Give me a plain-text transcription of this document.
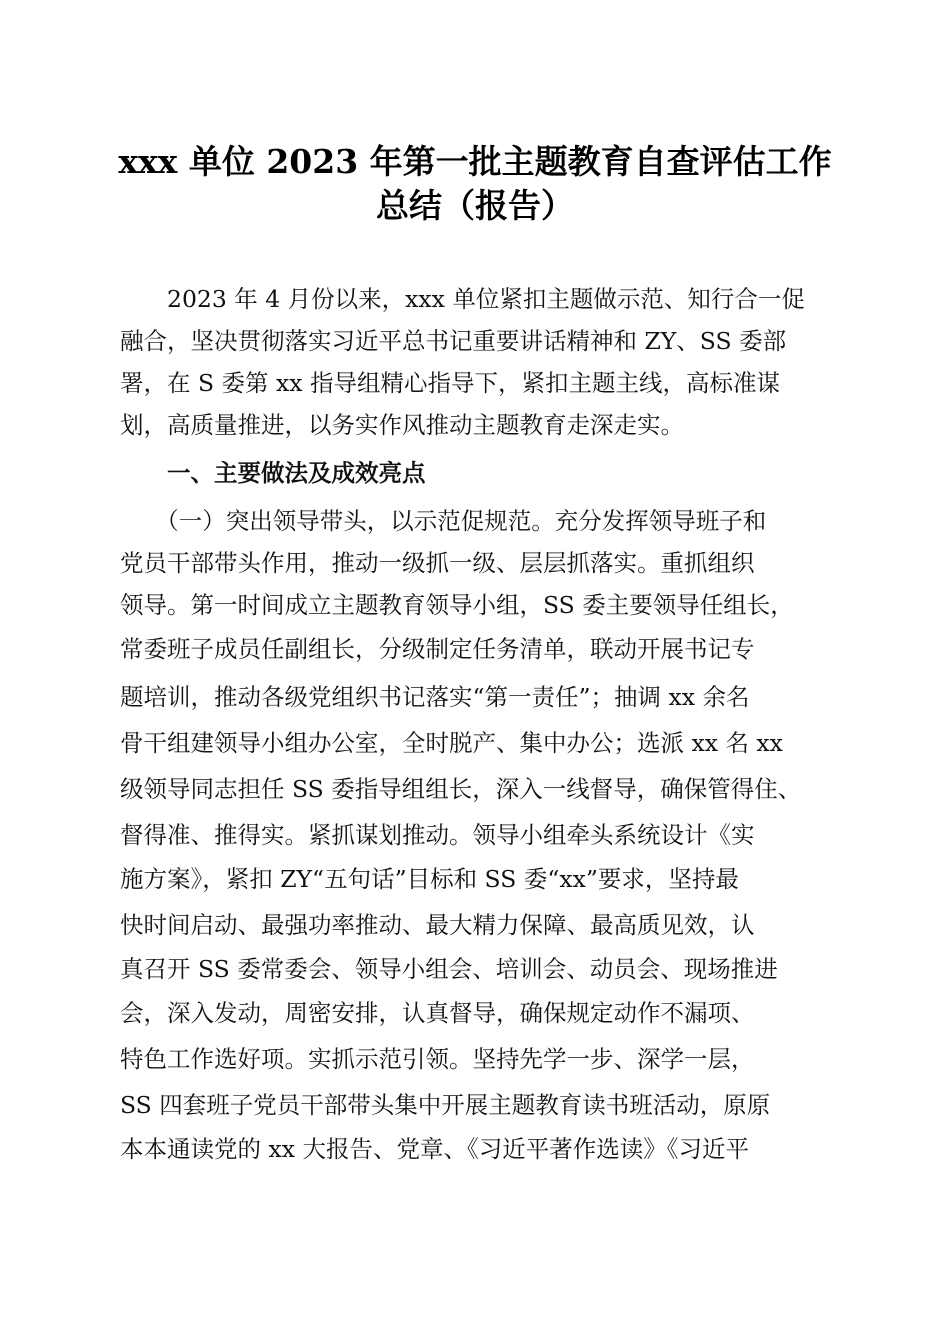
xxx 单位 2023 年第一批主题教育自查评估工作
总结（报告）
　　2023 年 4 月份以来，xxx 单位紧扣主题做示范、知行合一促
融合，坚决贯彻落实习近平总书记重要讲话精神和 ZY、SS 委部
署，在 S 委第 xx 指导组精心指导下，紧扣主题主线，高标准谋
划，高质量推进，以务实作风推动主题教育走深走实。
　　一、主要做法及成效亮点
　　（一）突出领导带头，以示范促规范。充分发挥领导班子和
党员干部带头作用，推动一级抓一级、层层抓落实。重抓组织
领导。第一时间成立主题教育领导小组，SS 委主要领导任组长，
常委班子成员任副组长，分级制定任务清单，联动开展书记专
题培训，推动各级党组织书记落实“第一责任”；抽调 xx 余名
骨干组建领导小组办公室，全时脱产、集中办公；选派 xx 名 xx
级领导同志担任 SS 委指导组组长，深入一线督导，确保管得住、
督得准、推得实。紧抓谋划推动。领导小组牵头系统设计《实
施方案》，紧扣 ZY“五句话”目标和 SS 委“xx”要求，坚持最
快时间启动、最强功率推动、最大精力保障、最高质见效，认
真召开 SS 委常委会、领导小组会、培训会、动员会、现场推进
会，深入发动，周密安排，认真督导，确保规定动作不漏项、
特色工作选好项。实抓示范引领。坚持先学一步、深学一层，
SS 四套班子党员干部带头集中开展主题教育读书班活动，原原
本本通读党的 xx 大报告、党章、《习近平著作选读》《习近平
